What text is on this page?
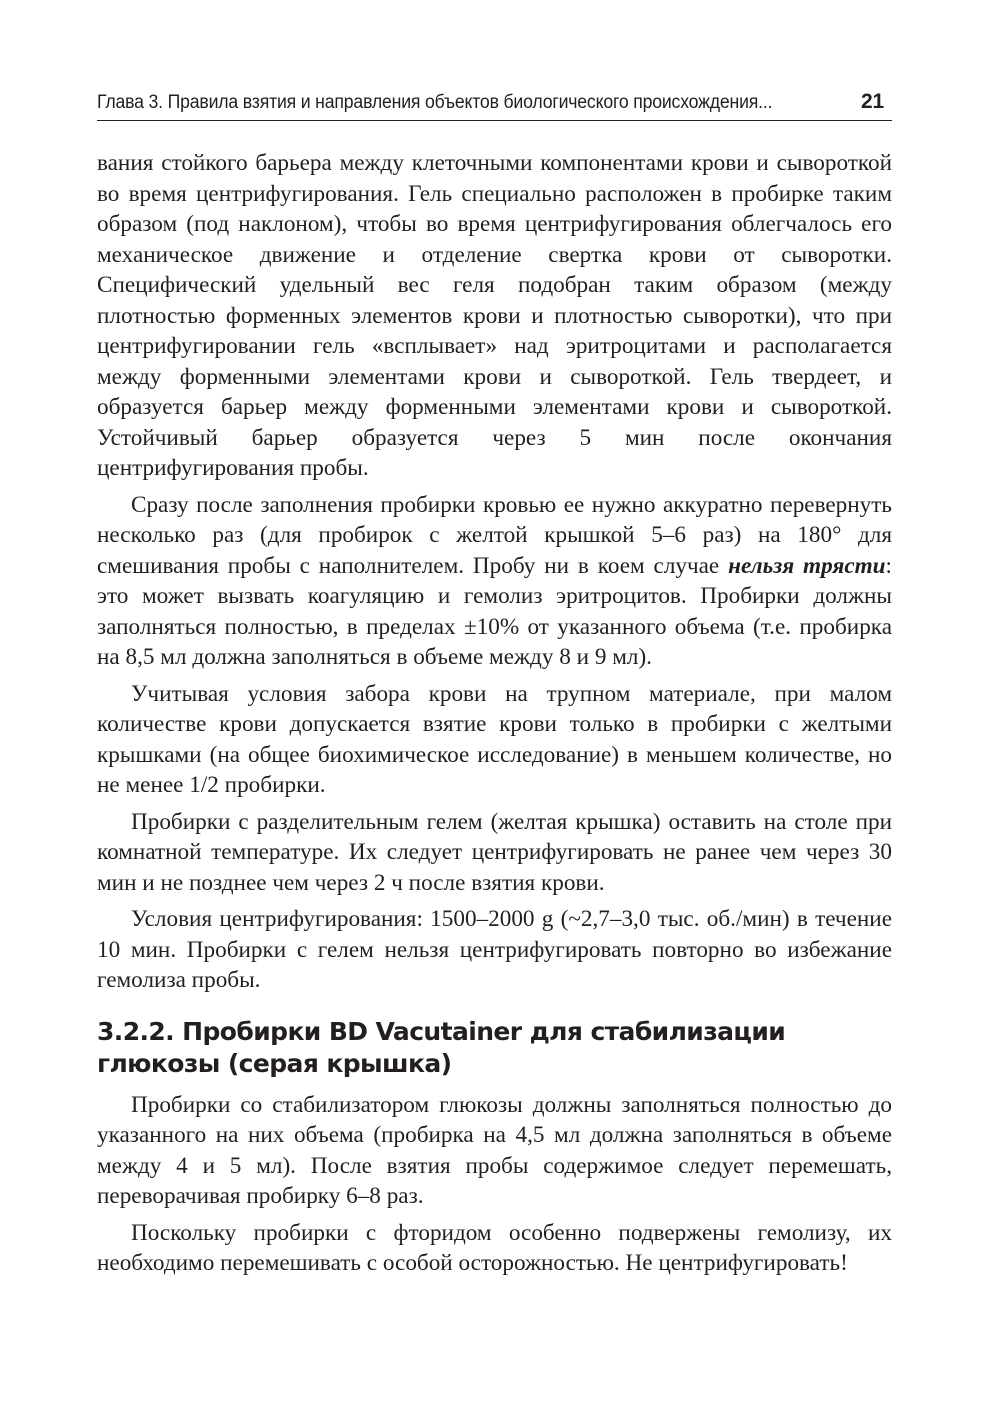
Глава 3. Правила взятия и направления объектов биологического происхождения...	21

вания стойкого барьера между клеточными компонентами крови и сывороткой во время центрифугирования. Гель специально расположен в пробирке таким образом (под наклоном), чтобы во время центрифугирования облегчалось его механическое движение и отделение свертка крови от сыворотки. Специфический удельный вес геля подобран таким образом (между плотностью форменных элементов крови и плотностью сыворотки), что при центрифугировании гель «всплывает» над эритроцитами и располагается между форменными элементами крови и сывороткой. Гель твердеет, и образуется барьер между форменными элементами крови и сывороткой. Устойчивый барьер образуется через 5 мин после окончания центрифугирования пробы.

Сразу после заполнения пробирки кровью ее нужно аккуратно перевернуть несколько раз (для пробирок с желтой крышкой 5–6 раз) на 180° для смешивания пробы с наполнителем. Пробу ни в коем случае нельзя трясти: это может вызвать коагуляцию и гемолиз эритроцитов. Пробирки должны заполняться полностью, в пределах ±10% от указанного объема (т.е. пробирка на 8,5 мл должна заполняться в объеме между 8 и 9 мл).

Учитывая условия забора крови на трупном материале, при малом количестве крови допускается взятие крови только в пробирки с желтыми крышками (на общее биохимическое исследование) в меньшем количестве, но не менее 1/2 пробирки.

Пробирки с разделительным гелем (желтая крышка) оставить на столе при комнатной температуре. Их следует центрифугировать не ранее чем через 30 мин и не позднее чем через 2 ч после взятия крови.

Условия центрифугирования: 1500–2000 g (~2,7–3,0 тыс. об./мин) в течение 10 мин. Пробирки с гелем нельзя центрифугировать повторно во избежание гемолиза пробы.

3.2.2. Пробирки BD Vacutainer для стабилизации глюкозы (серая крышка)

Пробирки со стабилизатором глюкозы должны заполняться полностью до указанного на них объема (пробирка на 4,5 мл должна заполняться в объеме между 4 и 5 мл). После взятия пробы содержимое следует перемешать, переворачивая пробирку 6–8 раз.

Поскольку пробирки с фторидом особенно подвержены гемолизу, их необходимо перемешивать с особой осторожностью. Не центрифугировать!
